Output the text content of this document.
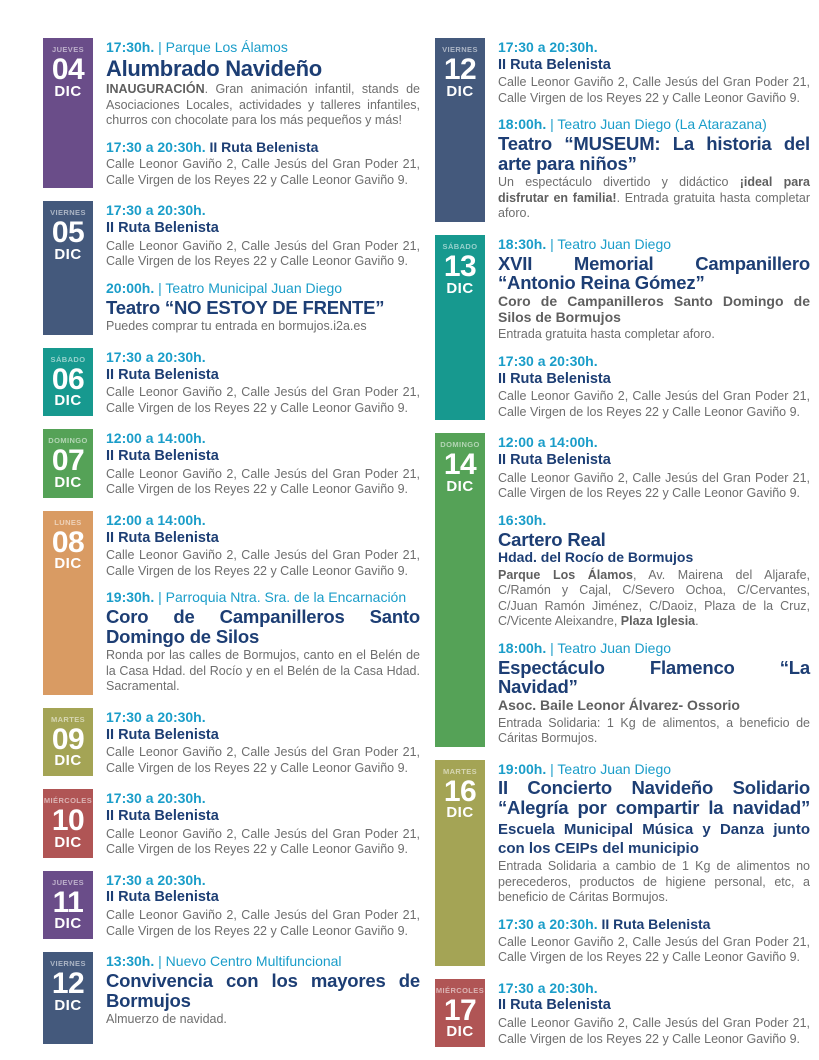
JUEVES
04
DIC

17:30h. | Parque Los Álamos

Alumbrado Navideño

INAUGURACIÓN. Gran animación infantil, stands de Asociaciones Locales, actividades y talleres infantiles, churros con chocolate para los más pequeños y más!

17:30 a 20:30h. II Ruta Belenista

Calle Leonor Gaviño 2, Calle Jesús del Gran Poder 21, Calle Virgen de los Reyes 22 y Calle Leonor Gaviño 9.

VIERNES
05
DIC

17:30 a 20:30h.

II Ruta Belenista

Calle Leonor Gaviño 2, Calle Jesús del Gran Poder 21, Calle Virgen de los Reyes 22 y Calle Leonor Gaviño 9.

20:00h. | Teatro Municipal Juan Diego

Teatro “NO ESTOY DE FRENTE”

Puedes comprar tu entrada en bormujos.i2a.es

SÁBADO
06
DIC

17:30 a 20:30h.

II Ruta Belenista

Calle Leonor Gaviño 2, Calle Jesús del Gran Poder 21, Calle Virgen de los Reyes 22 y Calle Leonor Gaviño 9.

DOMINGO
07
DIC

12:00 a 14:00h.

II Ruta Belenista

Calle Leonor Gaviño 2, Calle Jesús del Gran Poder 21, Calle Virgen de los Reyes 22 y Calle Leonor Gaviño 9.

LUNES
08
DIC

12:00 a 14:00h.

II Ruta Belenista

Calle Leonor Gaviño 2, Calle Jesús del Gran Poder 21, Calle Virgen de los Reyes 22 y Calle Leonor Gaviño 9.

19:30h. | Parroquia Ntra. Sra. de la Encarnación

Coro de Campanilleros Santo Domingo de Silos

Ronda por las calles de Bormujos, canto en el Belén de la Casa Hdad. del Rocío y en el Belén de la Casa Hdad. Sacramental.

MARTES
09
DIC

17:30 a 20:30h.

II Ruta Belenista

Calle Leonor Gaviño 2, Calle Jesús del Gran Poder 21, Calle Virgen de los Reyes 22 y Calle Leonor Gaviño 9.

MIÉRCOLES
10
DIC

17:30 a 20:30h.

II Ruta Belenista

Calle Leonor Gaviño 2, Calle Jesús del Gran Poder 21, Calle Virgen de los Reyes 22 y Calle Leonor Gaviño 9.

JUEVES
11
DIC

17:30 a 20:30h.

II Ruta Belenista

Calle Leonor Gaviño 2, Calle Jesús del Gran Poder 21, Calle Virgen de los Reyes 22 y Calle Leonor Gaviño 9.

VIERNES
12
DIC

13:30h. | Nuevo Centro Multifuncional

Convivencia con los mayores de Bormujos

Almuerzo de navidad.

VIERNES
12
DIC

17:30 a 20:30h.

II Ruta Belenista

Calle Leonor Gaviño 2, Calle Jesús del Gran Poder 21, Calle Virgen de los Reyes 22 y Calle Leonor Gaviño 9.

18:00h. | Teatro Juan Diego (La Atarazana)

Teatro “MUSEUM: La historia del arte para niños”

Un espectáculo divertido y didáctico ¡ideal para disfrutar en familia!. Entrada gratuita hasta completar aforo.

SÁBADO
13
DIC

18:30h. | Teatro Juan Diego

XVII Memorial Campanillero “Antonio Reina Gómez”

Coro de Campanilleros Santo Domingo de Silos de Bormujos

Entrada gratuita hasta completar aforo.

17:30 a 20:30h.

II Ruta Belenista

Calle Leonor Gaviño 2, Calle Jesús del Gran Poder 21, Calle Virgen de los Reyes 22 y Calle Leonor Gaviño 9.

DOMINGO
14
DIC

12:00 a 14:00h.

II Ruta Belenista

Calle Leonor Gaviño 2, Calle Jesús del Gran Poder 21, Calle Virgen de los Reyes 22 y Calle Leonor Gaviño 9.

16:30h.

Cartero Real

Hdad. del Rocío de Bormujos

Parque Los Álamos, Av. Mairena del Aljarafe, C/Ramón y Cajal, C/Severo Ochoa, C/Cervantes, C/Juan Ramón Jiménez, C/Daoiz, Plaza de la Cruz, C/Vicente Aleixandre, Plaza Iglesia.

18:00h. | Teatro Juan Diego

Espectáculo Flamenco “La Navidad”

Asoc. Baile Leonor Álvarez- Ossorio

Entrada Solidaria: 1 Kg de alimentos, a beneficio de Cáritas Bormujos.

MARTES
16
DIC

19:00h. | Teatro Juan Diego

II Concierto Navideño Solidario “Alegría por compartir la navidad” Escuela Municipal Música y Danza junto con los CEIPs del municipio

Entrada Solidaria a cambio de 1 Kg de alimentos no perecederos, productos de higiene personal, etc, a beneficio de Cáritas Bormujos.

17:30 a 20:30h. II Ruta Belenista

Calle Leonor Gaviño 2, Calle Jesús del Gran Poder 21, Calle Virgen de los Reyes 22 y Calle Leonor Gaviño 9.

MIÉRCOLES
17
DIC

17:30 a 20:30h.

II Ruta Belenista

Calle Leonor Gaviño 2, Calle Jesús del Gran Poder 21, Calle Virgen de los Reyes 22 y Calle Leonor Gaviño 9.
